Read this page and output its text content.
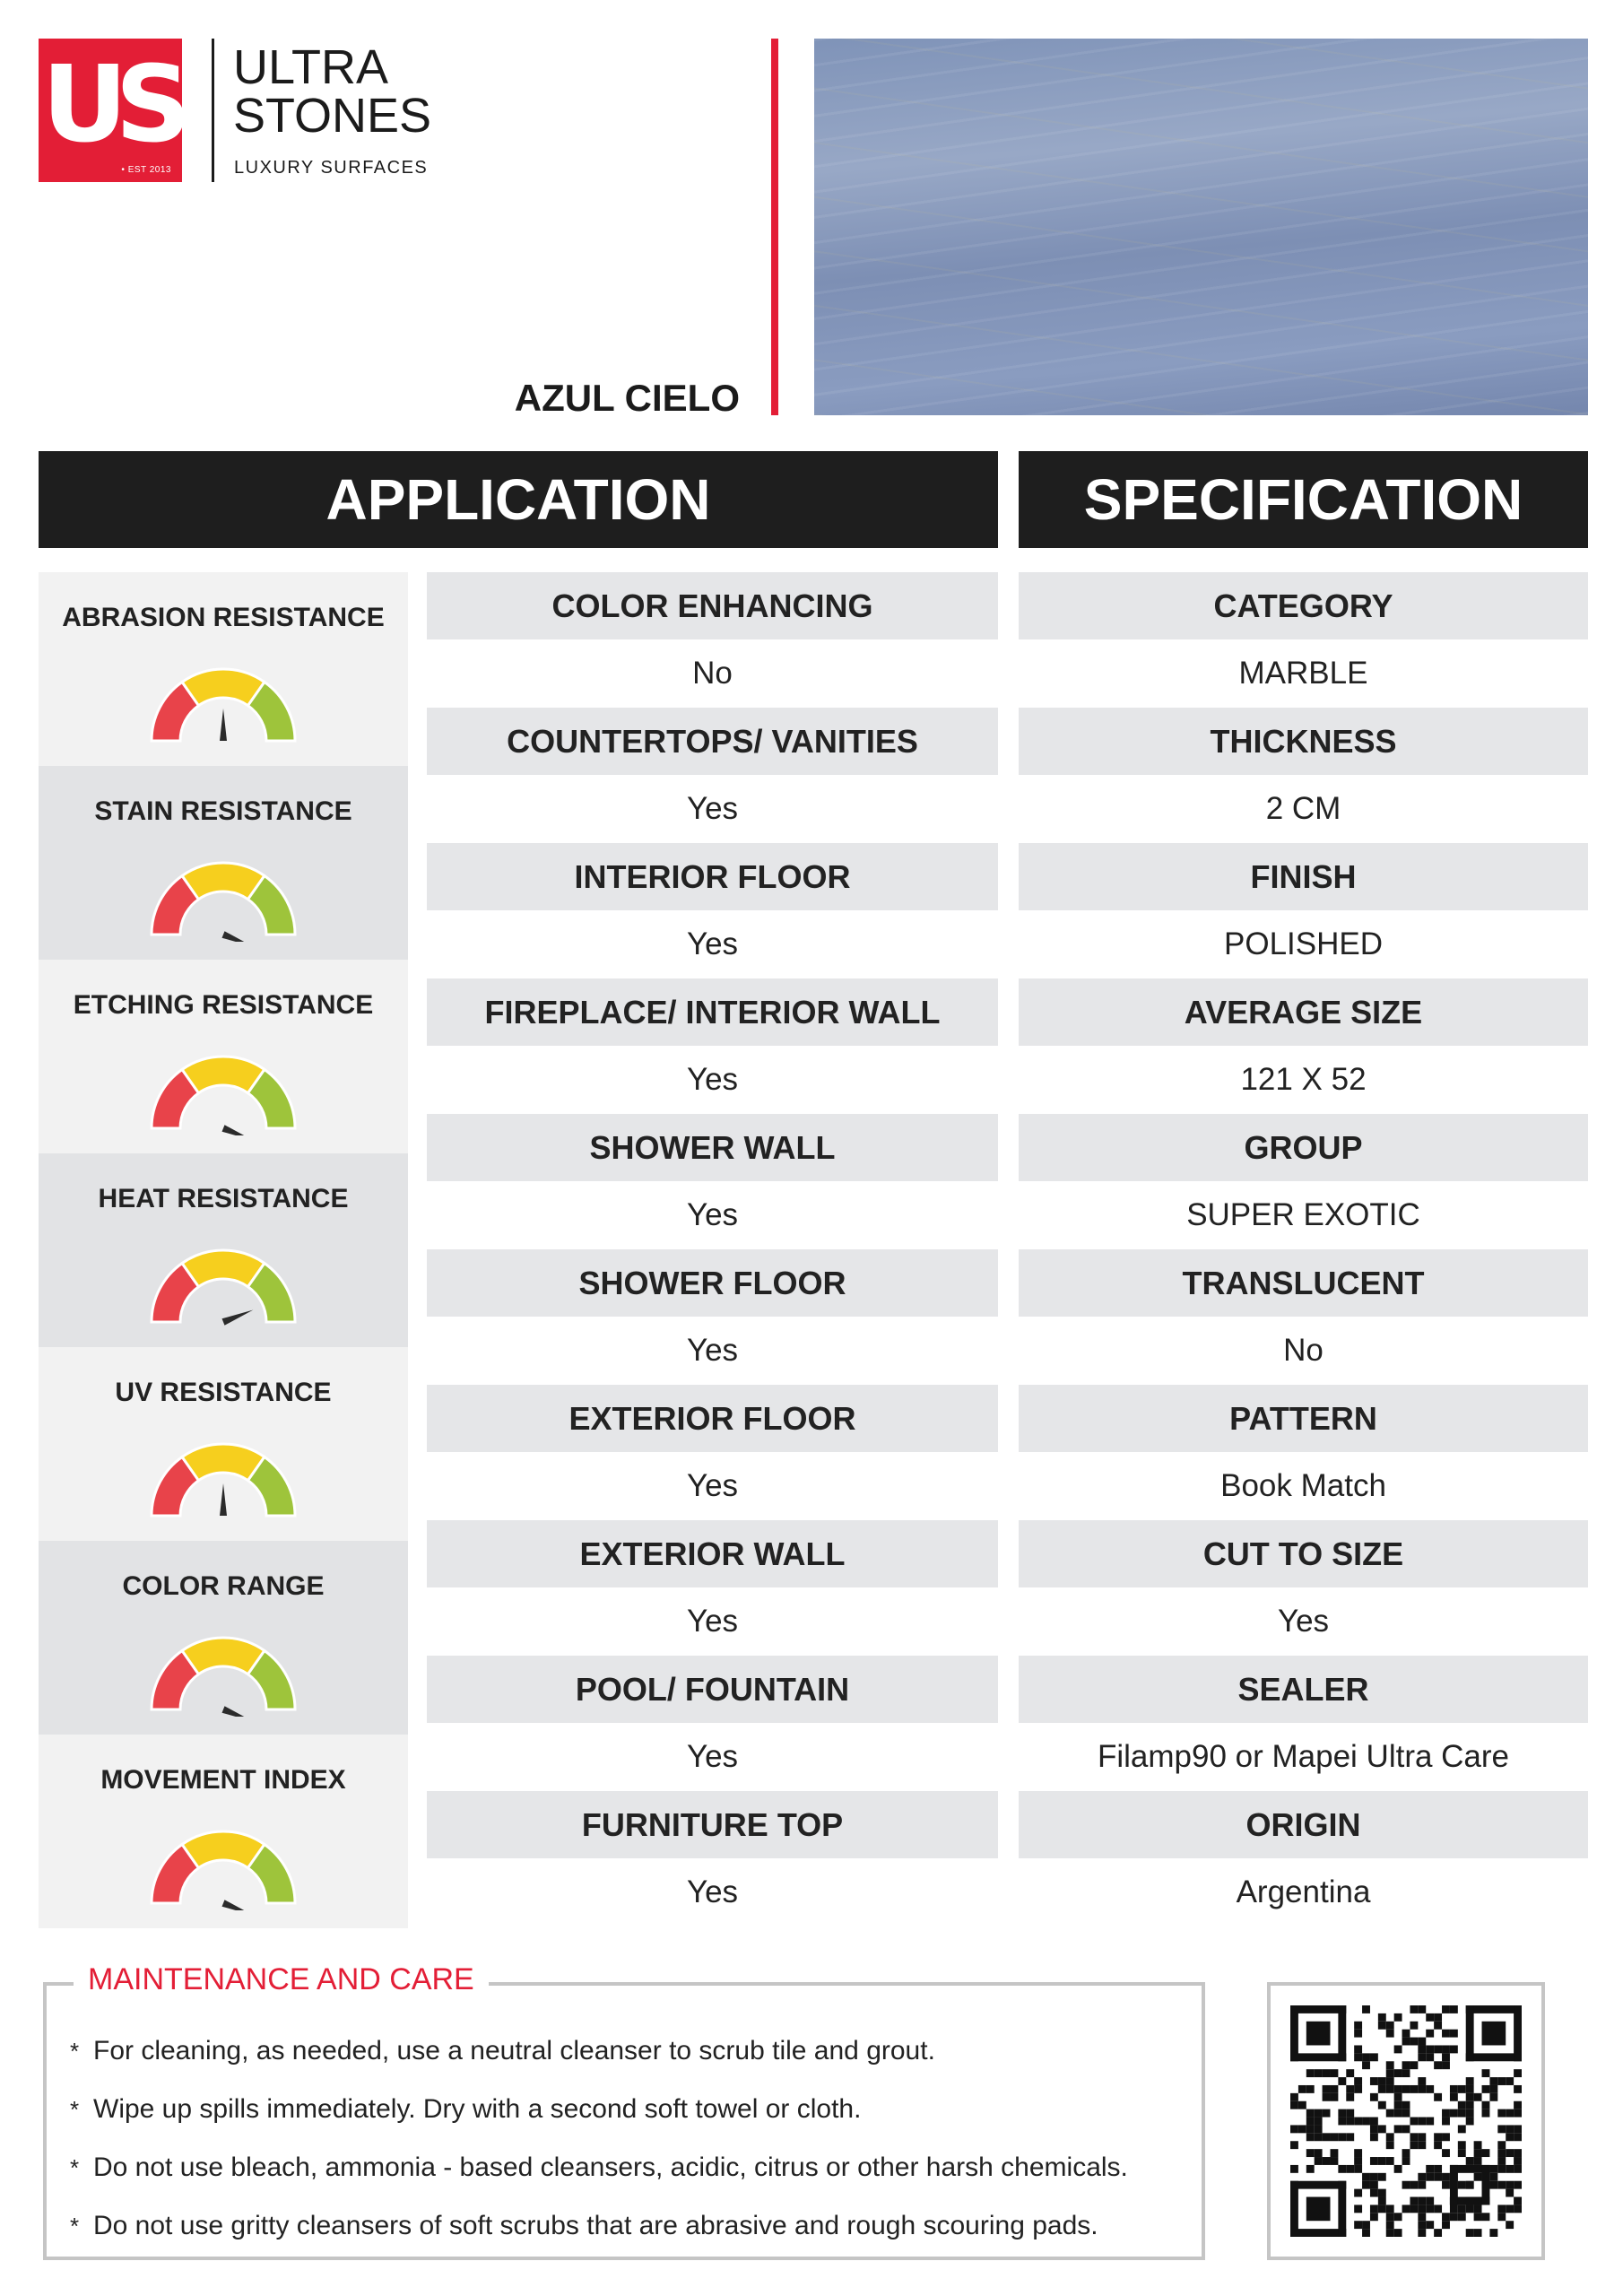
US
• EST 2013
ULTRA
STONES
LUXURY SURFACES
AZUL CIELO
APPLICATION	SPECIFICATION
ABRASION RESISTANCE
STAIN RESISTANCE
ETCHING RESISTANCE
HEAT RESISTANCE
UV RESISTANCE
COLOR RANGE
MOVEMENT INDEX
COLOR ENHANCING
No
COUNTERTOPS/ VANITIES
Yes
INTERIOR FLOOR
Yes
FIREPLACE/ INTERIOR WALL
Yes
SHOWER WALL
Yes
SHOWER FLOOR
Yes
EXTERIOR FLOOR
Yes
EXTERIOR WALL
Yes
POOL/ FOUNTAIN
Yes
FURNITURE TOP
Yes
CATEGORY
MARBLE
THICKNESS
2 CM
FINISH
POLISHED
AVERAGE SIZE
121 X 52
GROUP
SUPER EXOTIC
TRANSLUCENT
No
PATTERN
Book Match
CUT TO SIZE
Yes
SEALER
Filamp90 or Mapei Ultra Care
ORIGIN
Argentina
MAINTENANCE AND CARE
* For cleaning, as needed, use a neutral cleanser to scrub tile and grout.
* Wipe up spills immediately. Dry with a second soft towel or cloth.
* Do not use bleach, ammonia - based cleansers, acidic, citrus or other harsh chemicals.
* Do not use gritty cleansers of soft scrubs that are abrasive and rough scouring pads.
